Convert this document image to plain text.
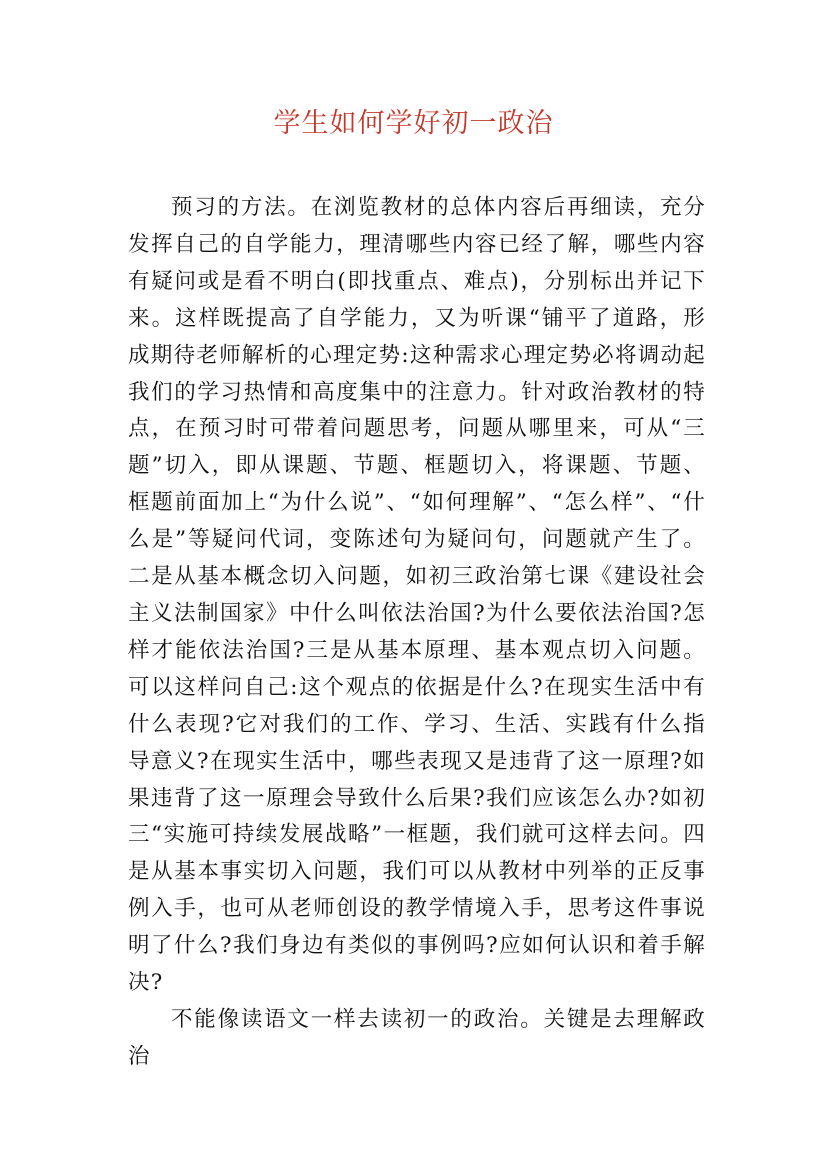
学生如何学好初一政治

预习的方法。在浏览教材的总体内容后再细读，充分发挥自己的自学能力，理清哪些内容已经了解，哪些内容有疑问或是看不明白(即找重点、难点)，分别标出并记下来。这样既提高了自学能力，又为听课“铺平了道路，形成期待老师解析的心理定势:这种需求心理定势必将调动起我们的学习热情和高度集中的注意力。针对政治教材的特点，在预习时可带着问题思考，问题从哪里来，可从“三题”切入，即从课题、节题、框题切入，将课题、节题、框题前面加上“为什么说”、“如何理解”、“怎么样”、“什么是”等疑问代词，变陈述句为疑问句，问题就产生了。二是从基本概念切入问题，如初三政治第七课《建设社会主义法制国家》中什么叫依法治国?为什么要依法治国?怎样才能依法治国?三是从基本原理、基本观点切入问题。可以这样问自己:这个观点的依据是什么?在现实生活中有什么表现?它对我们的工作、学习、生活、实践有什么指导意义?在现实生活中，哪些表现又是违背了这一原理?如果违背了这一原理会导致什么后果?我们应该怎么办?如初三“实施可持续发展战略”一框题，我们就可这样去问。四是从基本事实切入问题，我们可以从教材中列举的正反事例入手，也可从老师创设的教学情境入手，思考这件事说明了什么?我们身边有类似的事例吗?应如何认识和着手解决?

不能像读语文一样去读初一的政治。关键是去理解政治
